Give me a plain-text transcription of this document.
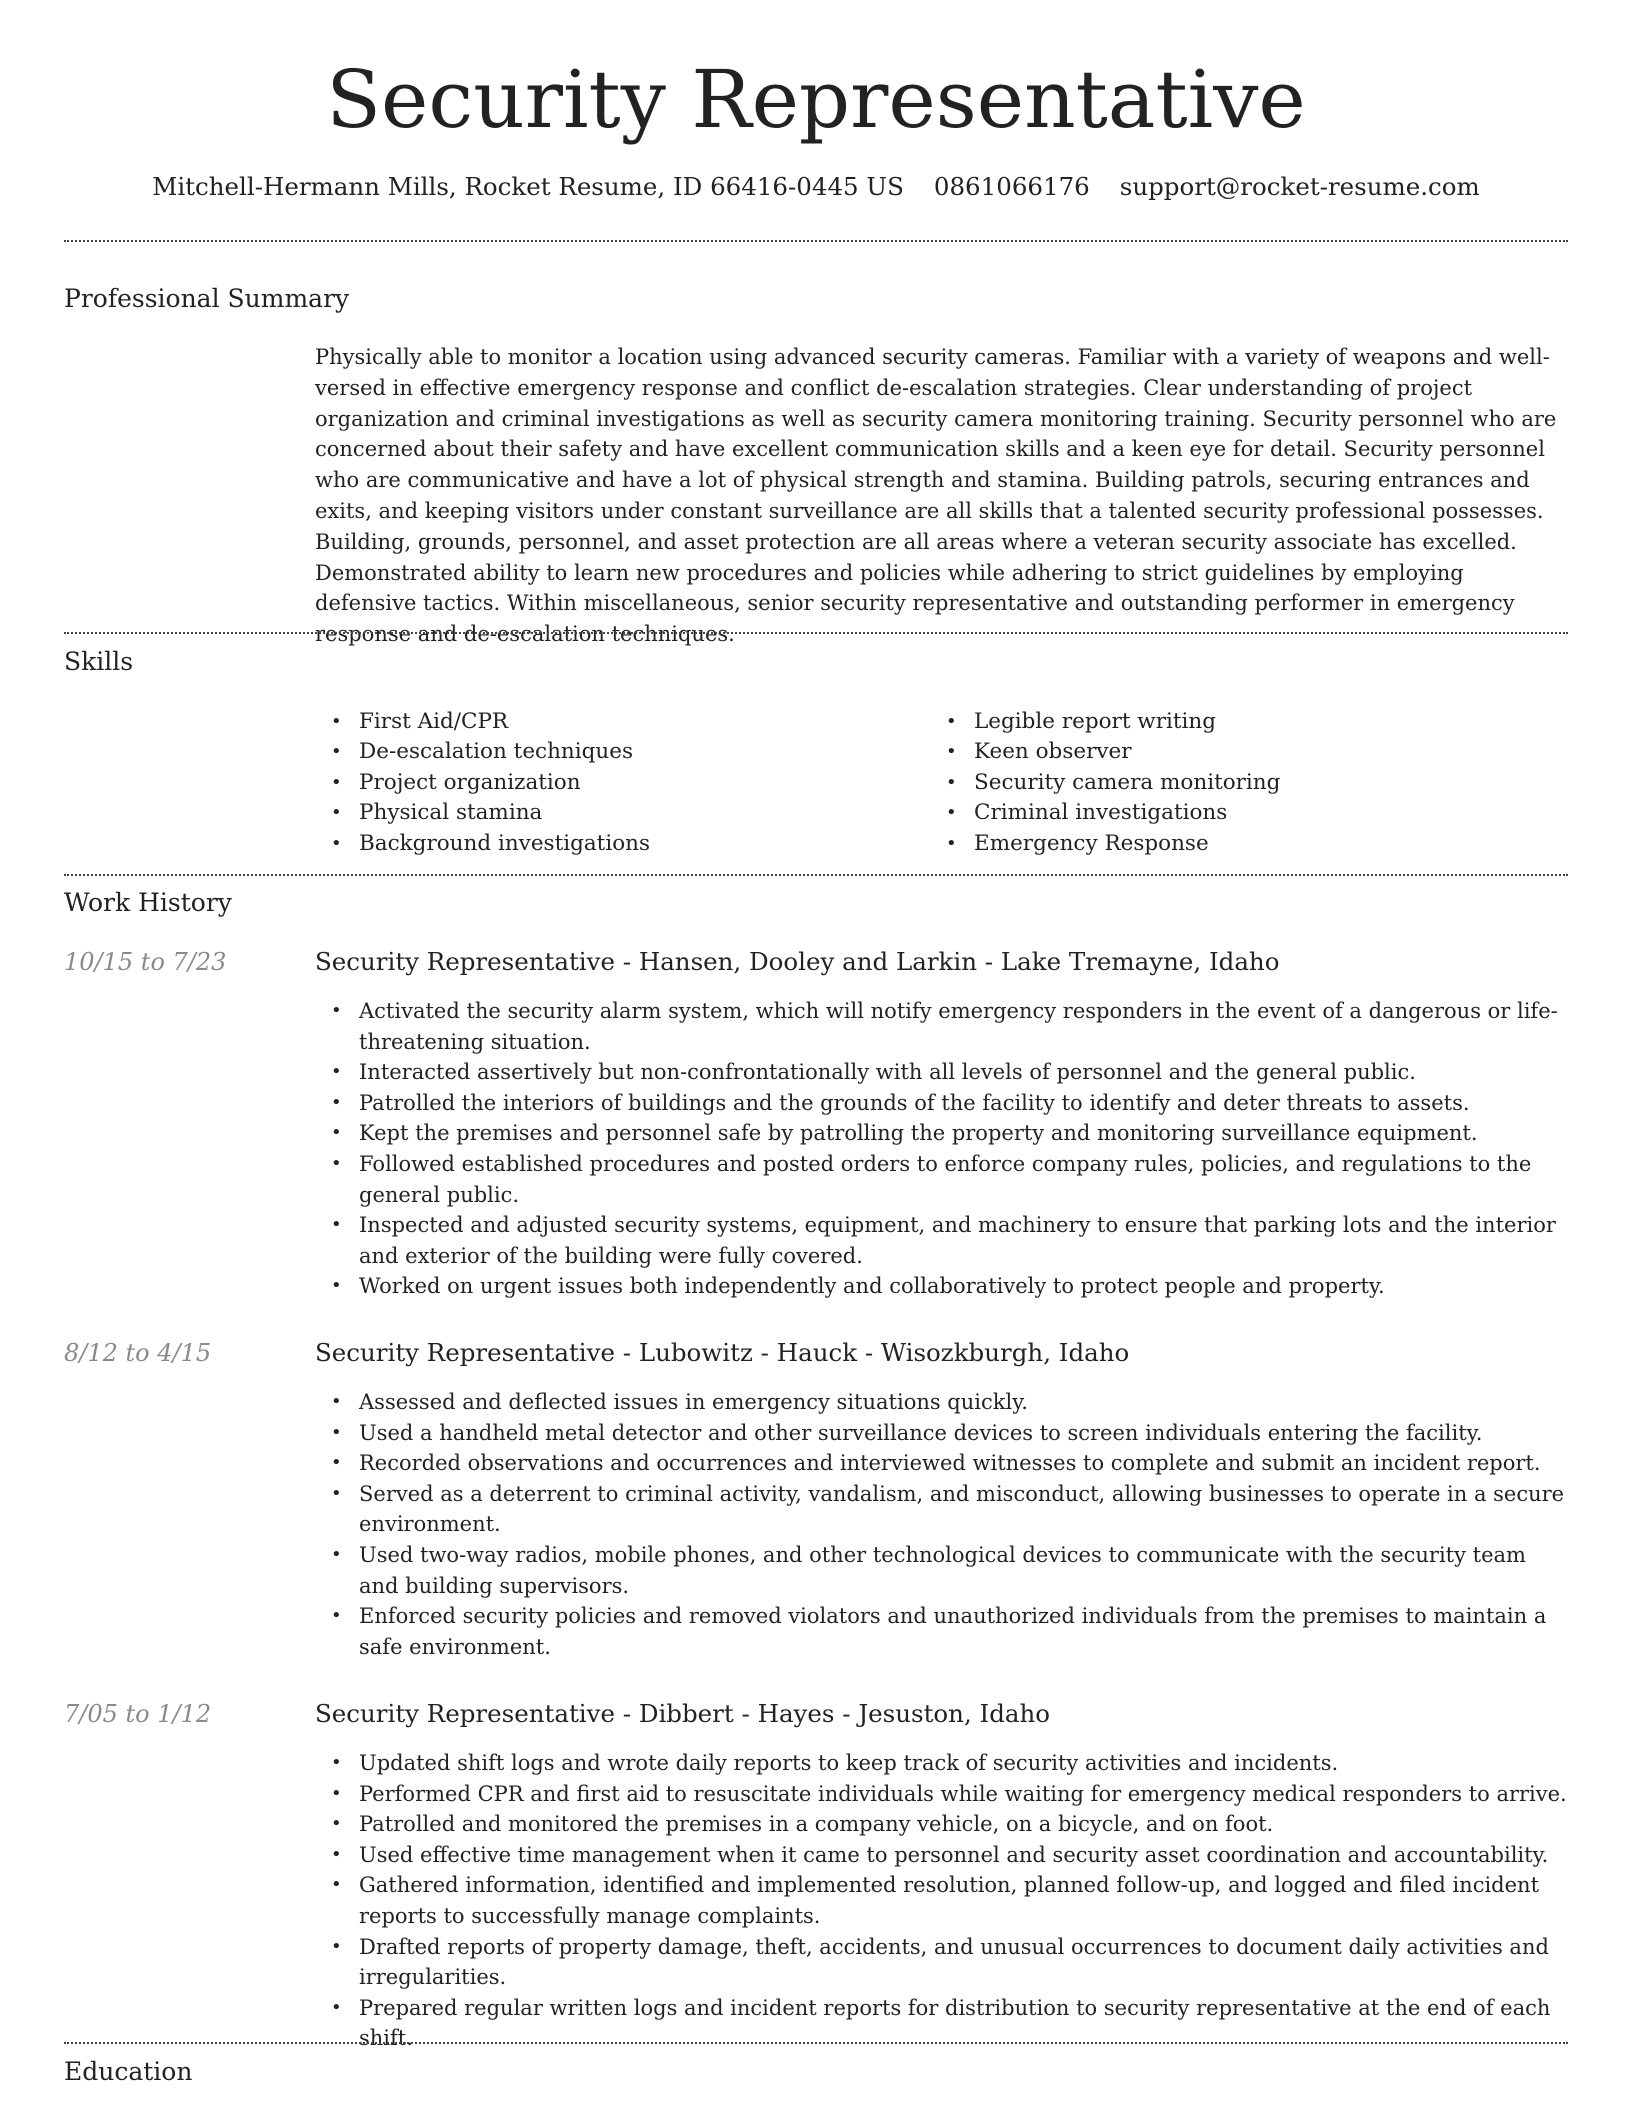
Security Representative
Mitchell-Hermann Mills, Rocket Resume, ID 66416-0445 US 0861066176 support@rocket-resume.com
Professional Summary

Physically able to monitor a location using advanced security cameras. Familiar with a variety of weapons and well-versed in effective emergency response and conflict de-escalation strategies. Clear understanding of project organization and criminal investigations as well as security camera monitoring training. Security personnel who are concerned about their safety and have excellent communication skills and a keen eye for detail. Security personnel who are communicative and have a lot of physical strength and stamina. Building patrols, securing entrances and exits, and keeping visitors under constant surveillance are all skills that a talented security professional possesses. Building, grounds, personnel, and asset protection are all areas where a veteran security associate has excelled. Demonstrated ability to learn new procedures and policies while adhering to strict guidelines by employing defensive tactics. Within miscellaneous, senior security representative and outstanding performer in emergency response and de-escalation techniques.

Skills
• First Aid/CPR
• De-escalation techniques
• Project organization
• Physical stamina
• Background investigations
• Legible report writing
• Keen observer
• Security camera monitoring
• Criminal investigations
• Emergency Response
Work History
10/15 to 7/23	Security Representative - Hansen, Dooley and Larkin - Lake Tremayne, Idaho
• Activated the security alarm system, which will notify emergency responders in the event of a dangerous or life-threatening situation.
• Interacted assertively but non-confrontationally with all levels of personnel and the general public.
• Patrolled the interiors of buildings and the grounds of the facility to identify and deter threats to assets.
• Kept the premises and personnel safe by patrolling the property and monitoring surveillance equipment.
• Followed established procedures and posted orders to enforce company rules, policies, and regulations to the general public.
• Inspected and adjusted security systems, equipment, and machinery to ensure that parking lots and the interior and exterior of the building were fully covered.
• Worked on urgent issues both independently and collaboratively to protect people and property.
8/12 to 4/15	Security Representative - Lubowitz - Hauck - Wisozkburgh, Idaho
• Assessed and deflected issues in emergency situations quickly.
• Used a handheld metal detector and other surveillance devices to screen individuals entering the facility.
• Recorded observations and occurrences and interviewed witnesses to complete and submit an incident report.
• Served as a deterrent to criminal activity, vandalism, and misconduct, allowing businesses to operate in a secure environment.
• Used two-way radios, mobile phones, and other technological devices to communicate with the security team and building supervisors.
• Enforced security policies and removed violators and unauthorized individuals from the premises to maintain a safe environment.
7/05 to 1/12	Security Representative - Dibbert - Hayes - Jesuston, Idaho
• Updated shift logs and wrote daily reports to keep track of security activities and incidents.
• Performed CPR and first aid to resuscitate individuals while waiting for emergency medical responders to arrive.
• Patrolled and monitored the premises in a company vehicle, on a bicycle, and on foot.
• Used effective time management when it came to personnel and security asset coordination and accountability.
• Gathered information, identified and implemented resolution, planned follow-up, and logged and filed incident reports to successfully manage complaints.
• Drafted reports of property damage, theft, accidents, and unusual occurrences to document daily activities and irregularities.
• Prepared regular written logs and incident reports for distribution to security representative at the end of each shift.
Education
